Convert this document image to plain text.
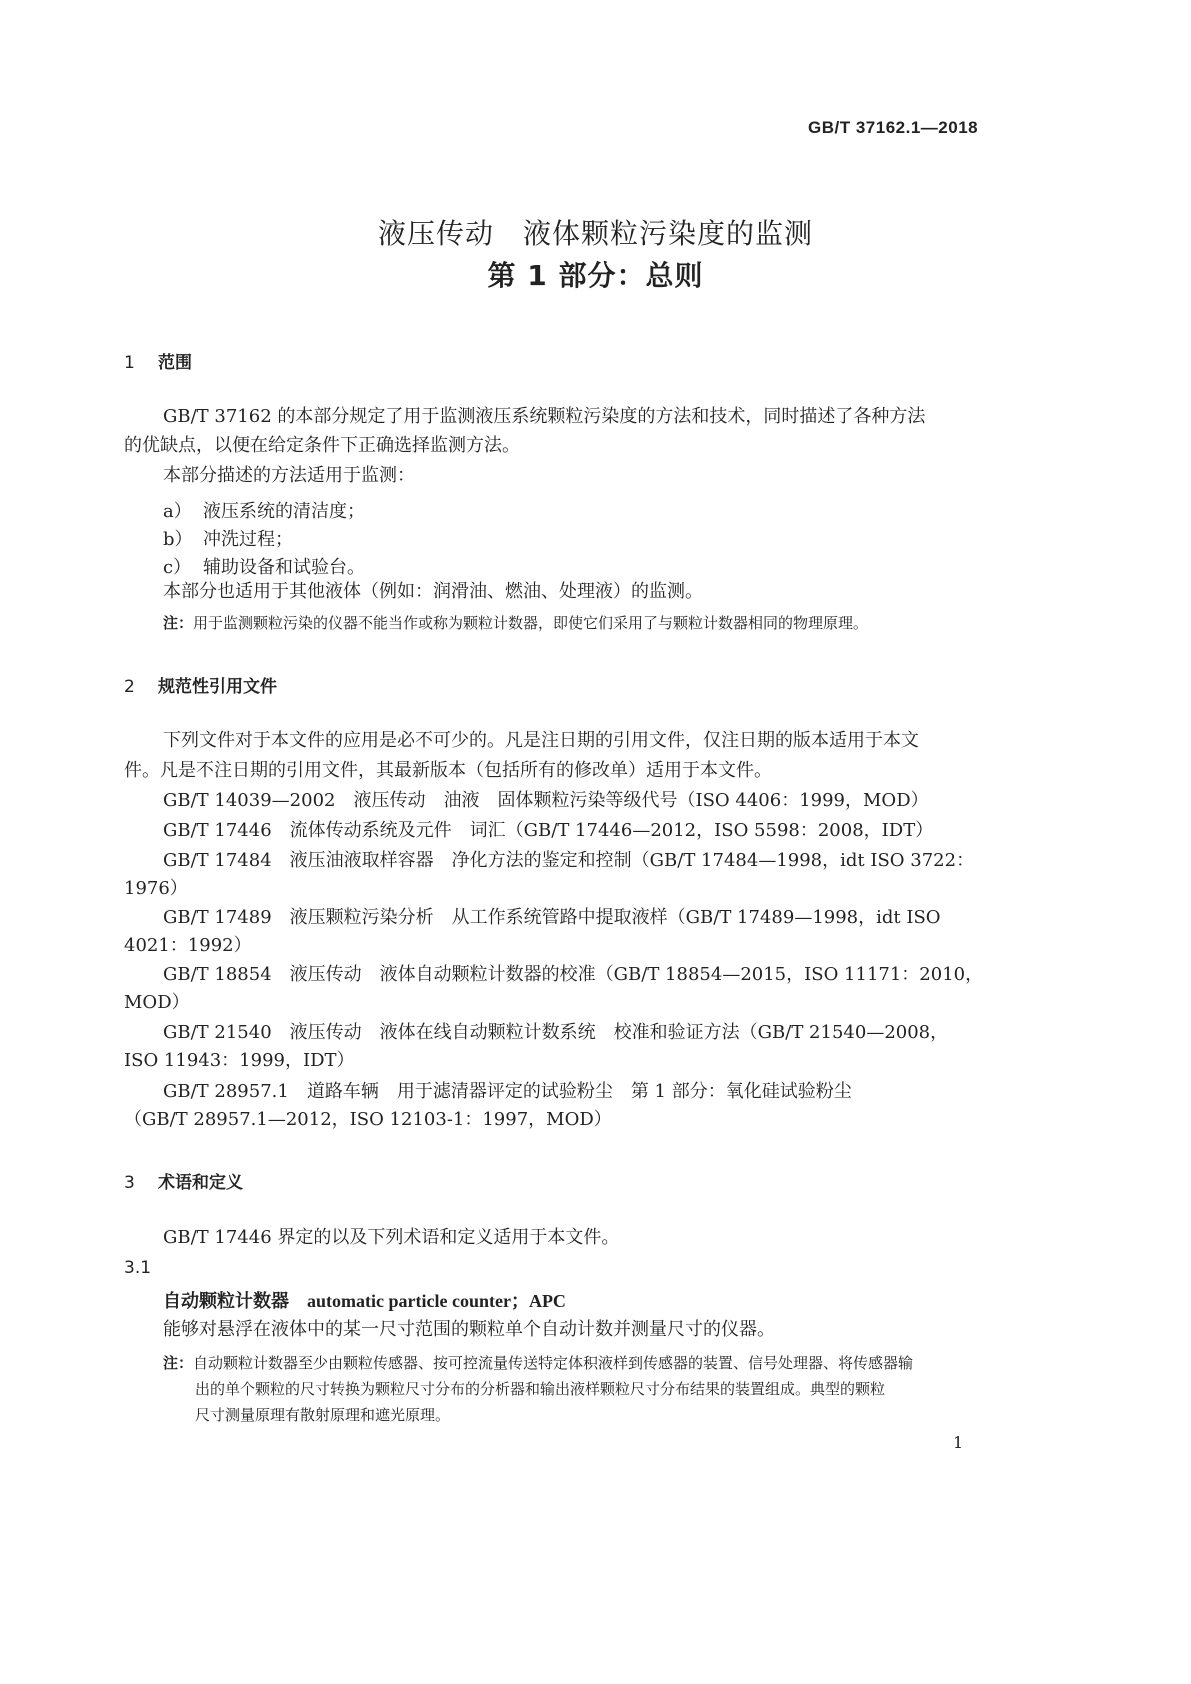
GB/T 37162.1—2018
液压传动　液体颗粒污染度的监测
第 1 部分：总则
1 范围
GB/T 37162 的本部分规定了用于监测液压系统颗粒污染度的方法和技术，同时描述了各种方法
的优缺点，以便在给定条件下正确选择监测方法。
本部分描述的方法适用于监测：
a） 液压系统的清洁度；
b） 冲洗过程；
c） 辅助设备和试验台。
本部分也适用于其他液体（例如：润滑油、燃油、处理液）的监测。
注：用于监测颗粒污染的仪器不能当作或称为颗粒计数器，即使它们采用了与颗粒计数器相同的物理原理。
2 规范性引用文件
下列文件对于本文件的应用是必不可少的。凡是注日期的引用文件，仅注日期的版本适用于本文
件。凡是不注日期的引用文件，其最新版本（包括所有的修改单）适用于本文件。
GB/T 14039—2002　液压传动　油液　固体颗粒污染等级代号（ISO 4406：1999，MOD）
GB/T 17446　流体传动系统及元件　词汇（GB/T 17446—2012，ISO 5598：2008，IDT）
GB/T 17484　液压油液取样容器　净化方法的鉴定和控制（GB/T 17484—1998，idt ISO 3722：
1976）
GB/T 17489　液压颗粒污染分析　从工作系统管路中提取液样（GB/T 17489—1998，idt ISO
4021：1992）
GB/T 18854　液压传动　液体自动颗粒计数器的校准（GB/T 18854—2015，ISO 11171：2010，
MOD）
GB/T 21540　液压传动　液体在线自动颗粒计数系统　校准和验证方法（GB/T 21540—2008，
ISO 11943：1999，IDT）
GB/T 28957.1　道路车辆　用于滤清器评定的试验粉尘　第 1 部分：氧化硅试验粉尘
（GB/T 28957.1—2012，ISO 12103-1：1997，MOD）
3 术语和定义
GB/T 17446 界定的以及下列术语和定义适用于本文件。
3.1
自动颗粒计数器 automatic particle counter；APC
能够对悬浮在液体中的某一尺寸范围的颗粒单个自动计数并测量尺寸的仪器。
注：自动颗粒计数器至少由颗粒传感器、按可控流量传送特定体积液样到传感器的装置、信号处理器、将传感器输
出的单个颗粒的尺寸转换为颗粒尺寸分布的分析器和输出液样颗粒尺寸分布结果的装置组成。典型的颗粒
尺寸测量原理有散射原理和遮光原理。
1
